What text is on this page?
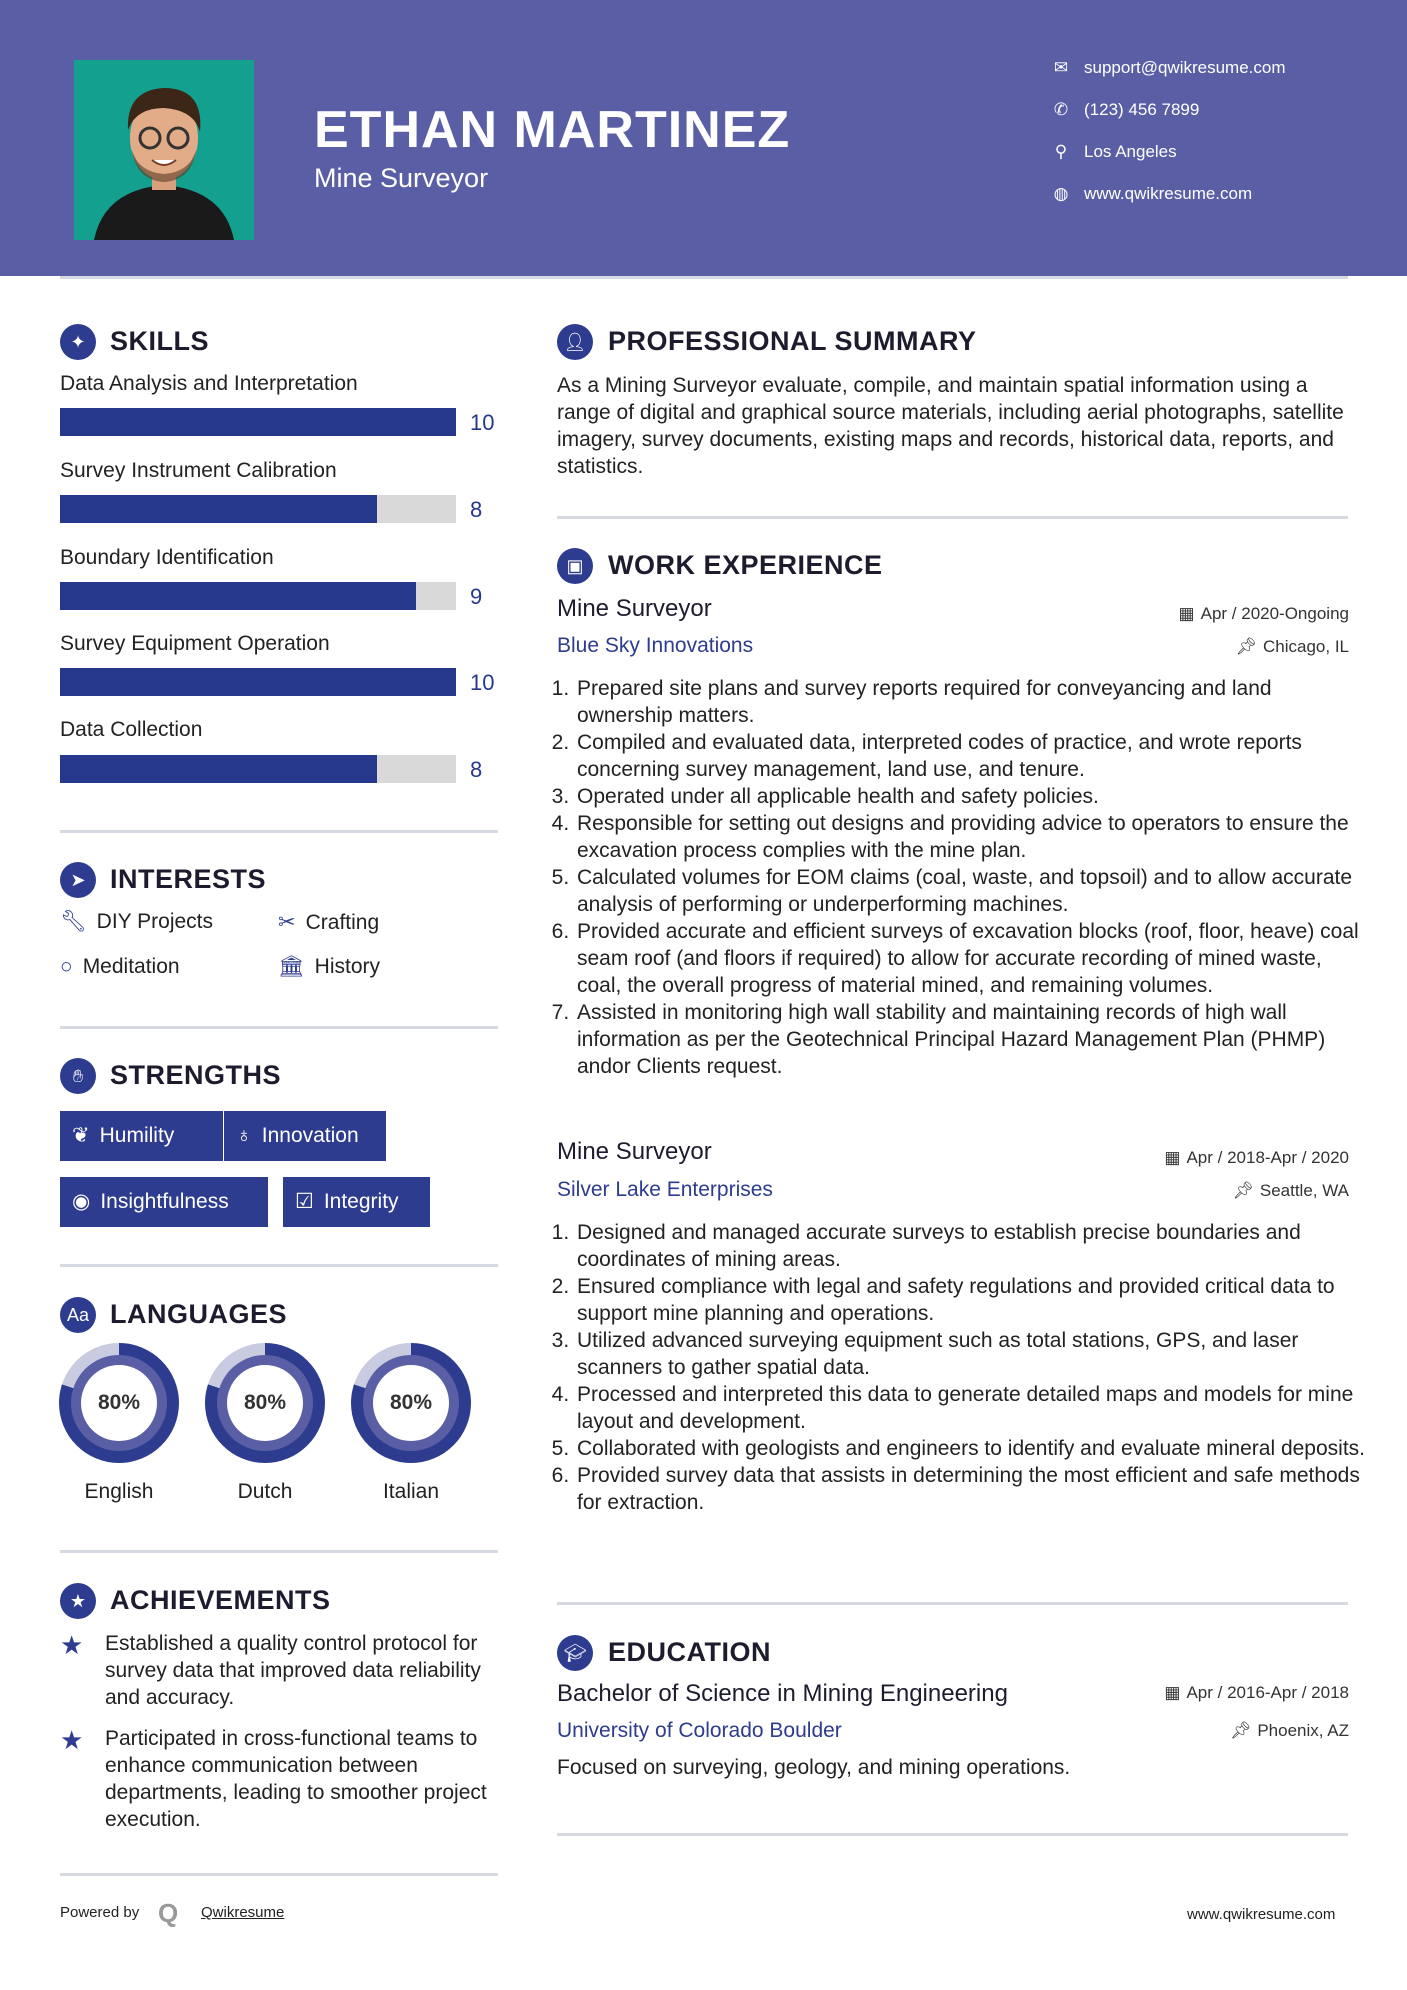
ETHAN MARTINEZ
Mine Surveyor
✉ support@qwikresume.com
✆ (123) 456 7899
⚲ Los Angeles
◍ www.qwikresume.com
✦ SKILLS
Data Analysis and Interpretation
10
Survey Instrument Calibration
8
Boundary Identification
9
Survey Equipment Operation
10
Data Collection
8
➤ INTERESTS
🔧︎ DIY Projects	✂ Crafting
○ Meditation	🏛︎ History
✋︎ STRENGTHS
❦ Humility	♁ Innovation
◉ Insightfulness	☑ Integrity
Aa LANGUAGES
80%
English
80%
Dutch
80%
Italian
★ ACHIEVEMENTS
★ Established a quality control protocol for survey data that improved data reliability and accuracy.
★ Participated in cross-functional teams to enhance communication between departments, leading to smoother project execution.
👤︎ PROFESSIONAL SUMMARY
As a Mining Surveyor evaluate, compile, and maintain spatial information using a range of digital and graphical source materials, including aerial photographs, satellite imagery, survey documents, existing maps and records, historical data, reports, and statistics.
▣ WORK EXPERIENCE
Mine Surveyor	▦ Apr / 2020-Ongoing
Blue Sky Innovations	📌︎ Chicago, IL
1. Prepared site plans and survey reports required for conveyancing and land ownership matters.
2. Compiled and evaluated data, interpreted codes of practice, and wrote reports concerning survey management, land use, and tenure.
3. Operated under all applicable health and safety policies.
4. Responsible for setting out designs and providing advice to operators to ensure the excavation process complies with the mine plan.
5. Calculated volumes for EOM claims (coal, waste, and topsoil) and to allow accurate analysis of performing or underperforming machines.
6. Provided accurate and efficient surveys of excavation blocks (roof, floor, heave) coal seam roof (and floors if required) to allow for accurate recording of mined waste, coal, the overall progress of material mined, and remaining volumes.
7. Assisted in monitoring high wall stability and maintaining records of high wall information as per the Geotechnical Principal Hazard Management Plan (PHMP) andor Clients request.
Mine Surveyor	▦ Apr / 2018-Apr / 2020
Silver Lake Enterprises	📌︎ Seattle, WA
1. Designed and managed accurate surveys to establish precise boundaries and coordinates of mining areas.
2. Ensured compliance with legal and safety regulations and provided critical data to support mine planning and operations.
3. Utilized advanced surveying equipment such as total stations, GPS, and laser scanners to gather spatial data.
4. Processed and interpreted this data to generate detailed maps and models for mine layout and development.
5. Collaborated with geologists and engineers to identify and evaluate mineral deposits.
6. Provided survey data that assists in determining the most efficient and safe methods for extraction.
🎓︎ EDUCATION
Bachelor of Science in Mining Engineering	▦ Apr / 2016-Apr / 2018
University of Colorado Boulder	📌︎ Phoenix, AZ
Focused on surveying, geology, and mining operations.
Powered by Q Qwikresume	www.qwikresume.com
